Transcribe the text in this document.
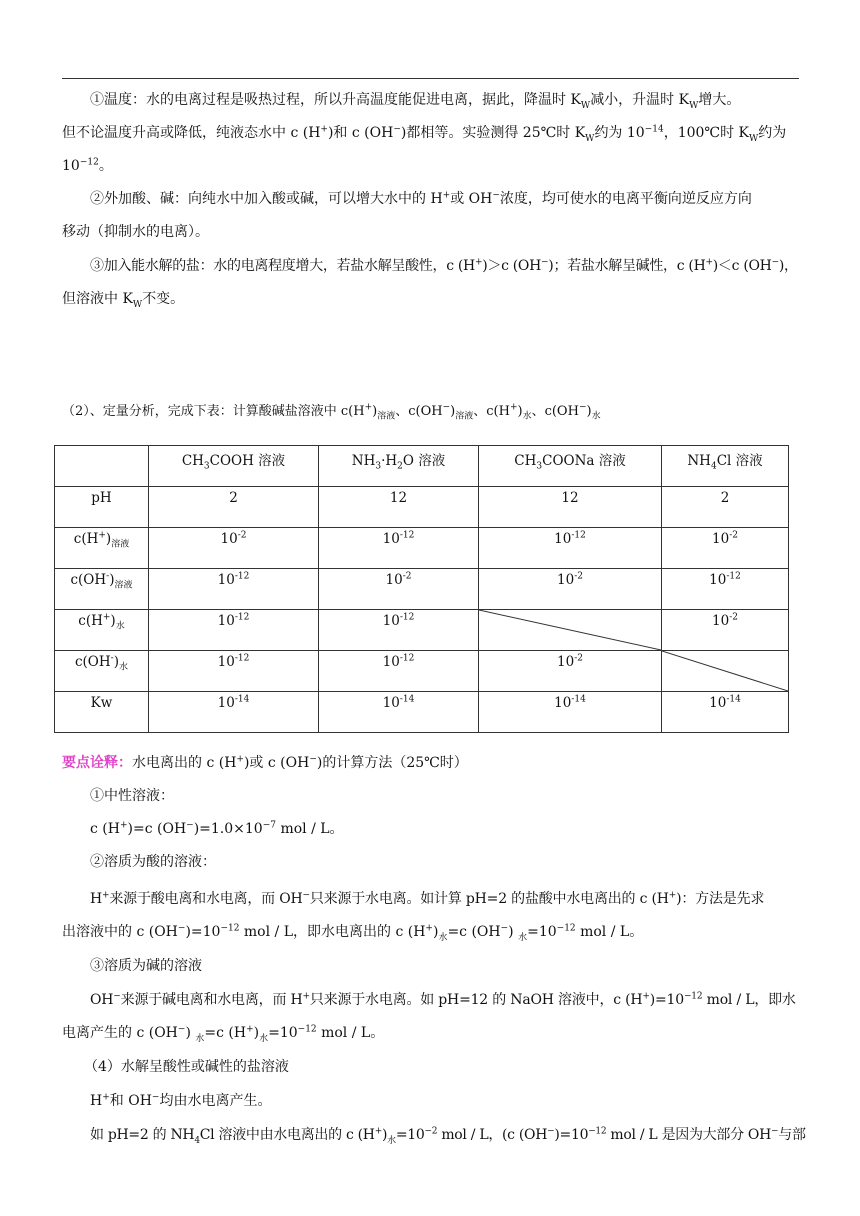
①温度：水的电离过程是吸热过程，所以升高温度能促进电离，据此，降温时 $K_W$减小，升温时 $K_W$增大。

但不论温度升高或降低，纯液态水中 c (H+)和 c (OH−)都相等。实验测得 25℃时 $K_W$约为 $10^{-14}$，100℃时 $K_W$约为

$10^{-12}$。

②外加酸、碱：向纯水中加入酸或碱，可以增大水中的 H+或 OH−浓度，均可使水的电离平衡向逆反应方向

移动（抑制水的电离）。

③加入能水解的盐：水的电离程度增大，若盐水解呈酸性，c (H+)＞c (OH−)；若盐水解呈碱性，c (H+)＜c (OH−)，

但溶液中 $K_W$不变。

（2）、定量分析，完成下表：计算酸碱盐溶液中 $c(H^+)_{溶液}$、$c(OH^-)_{溶液}$、$c(H^+)_水$、$c(OH^-)_水$

	$CH_3COOH$ 溶液	$NH_3\cdot H_2O$ 溶液	$CH_3COONa$ 溶液	$NH_4Cl$ 溶液
pH	2	12	12	2
$c(H^+)_{溶液}$	$10^{-2}$	$10^{-12}$	$10^{-12}$	$10^{-2}$
$c(OH^-)_{溶液}$	$10^{-12}$	$10^{-2}$	$10^{-2}$	$10^{-12}$
$c(H^+)_水$	$10^{-12}$	$10^{-12}$		$10^{-2}$
$c(OH^-)_水$	$10^{-12}$	$10^{-12}$	$10^{-2}$	

Kw	$10^{-14}$	$10^{-14}$	$10^{-14}$	$10^{-14}$

要点诠释：水电离出的 c (H+)或 c (OH−)的计算方法（25℃时）

①中性溶液：

c (H+)=c $(OH^-)=1.0\times 10^{-7}$ mol / L。

②溶质为酸的溶液：

H+来源于酸电离和水电离，而 OH−只来源于水电离。如计算 pH=2 的盐酸中水电离出的 c (H+)：方法是先求

出溶液中的 c $(OH^-)=10^{-12}$ mol / L，即水电离出的 c $(H^+)_水=c$ (OH−) $_水=10^{-12}$ mol / L。

③溶质为碱的溶液

OH−来源于碱电离和水电离，而 H+只来源于水电离。如 pH=12 的 NaOH 溶液中，c $(H^+)=10^{-12}$ mol / L，即水

电离产生的 c (OH−) $_水$=c $(H^+)_水=10^{-12}$ mol / L。

（4）水解呈酸性或碱性的盐溶液

H+和 OH−均由水电离产生。

如 pH=2 的 $NH_4Cl$ 溶液中由水电离出的 c $(H^+)_水=10^{-2}$ mol / L，(c $(OH^-)=10^{-12}$ mol / L 是因为大部分 OH−与部
